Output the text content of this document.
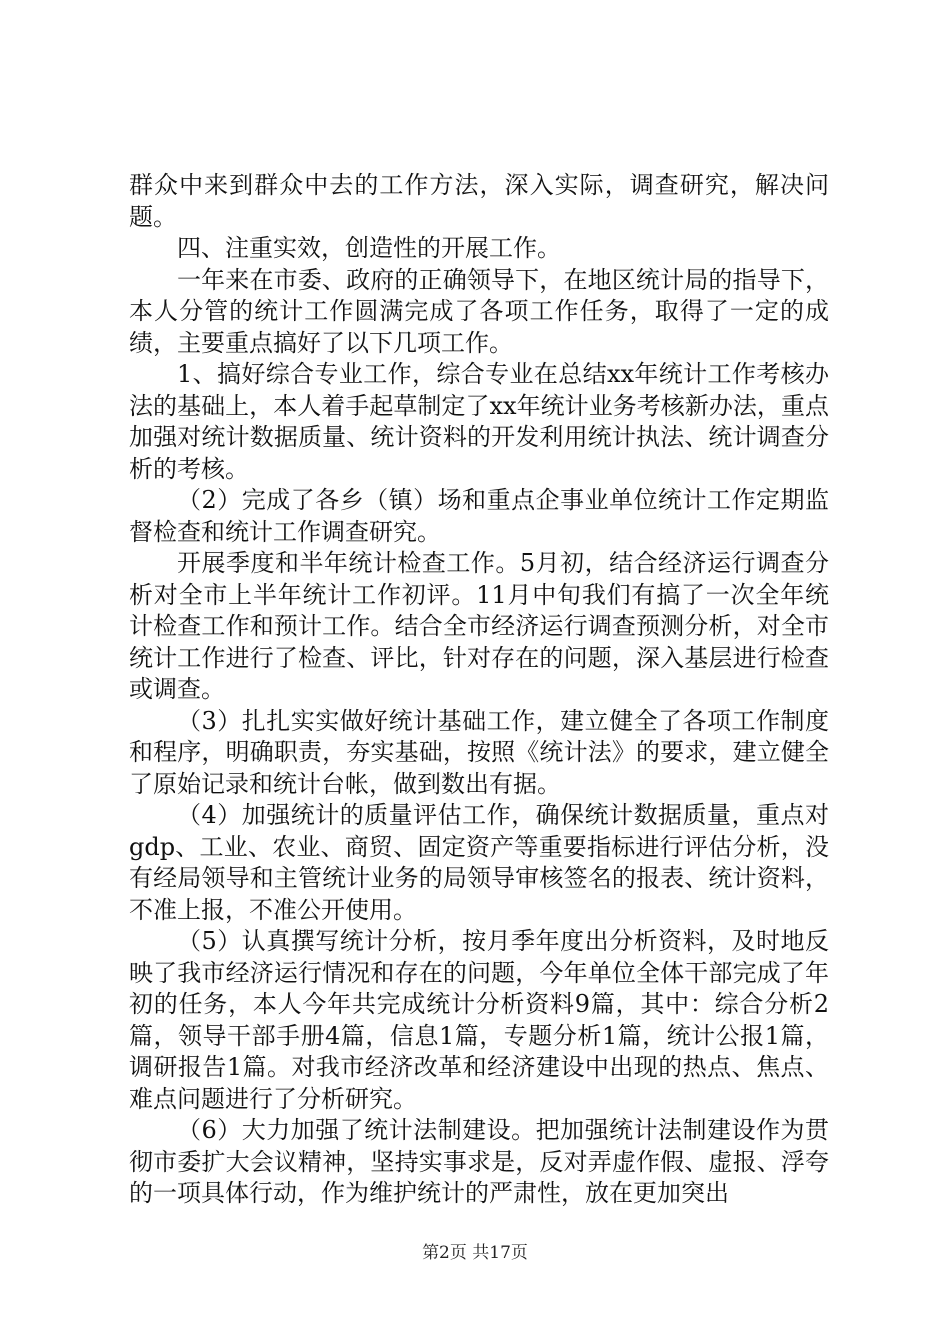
群众中来到群众中去的工作方法，深入实际，调查研究，解决问题。

四、注重实效，创造性的开展工作。

一年来在市委、政府的正确领导下，在地区统计局的指导下，本人分管的统计工作圆满完成了各项工作任务，取得了一定的成绩，主要重点搞好了以下几项工作。

1、搞好综合专业工作，综合专业在总结xx年统计工作考核办法的基础上，本人着手起草制定了xx年统计业务考核新办法，重点加强对统计数据质量、统计资料的开发利用统计执法、统计调查分析的考核。

（2）完成了各乡（镇）场和重点企事业单位统计工作定期监督检查和统计工作调查研究。

开展季度和半年统计检查工作。5月初，结合经济运行调查分析对全市上半年统计工作初评。11月中旬我们有搞了一次全年统计检查工作和预计工作。结合全市经济运行调查预测分析，对全市统计工作进行了检查、评比，针对存在的问题，深入基层进行检查或调查。

（3）扎扎实实做好统计基础工作，建立健全了各项工作制度和程序，明确职责，夯实基础，按照《统计法》的要求，建立健全了原始记录和统计台帐，做到数出有据。

（4）加强统计的质量评估工作，确保统计数据质量，重点对gdp、工业、农业、商贸、固定资产等重要指标进行评估分析，没有经局领导和主管统计业务的局领导审核签名的报表、统计资料，不准上报，不准公开使用。

（5）认真撰写统计分析，按月季年度出分析资料，及时地反映了我市经济运行情况和存在的问题，今年单位全体干部完成了年初的任务，本人今年共完成统计分析资料9篇，其中：综合分析2篇，领导干部手册4篇，信息1篇，专题分析1篇，统计公报1篇，调研报告1篇。对我市经济改革和经济建设中出现的热点、焦点、难点问题进行了分析研究。

（6）大力加强了统计法制建设。把加强统计法制建设作为贯彻市委扩大会议精神，坚持实事求是，反对弄虚作假、虚报、浮夸的一项具体行动，作为维护统计的严肃性，放在更加突出

第2页 共17页
